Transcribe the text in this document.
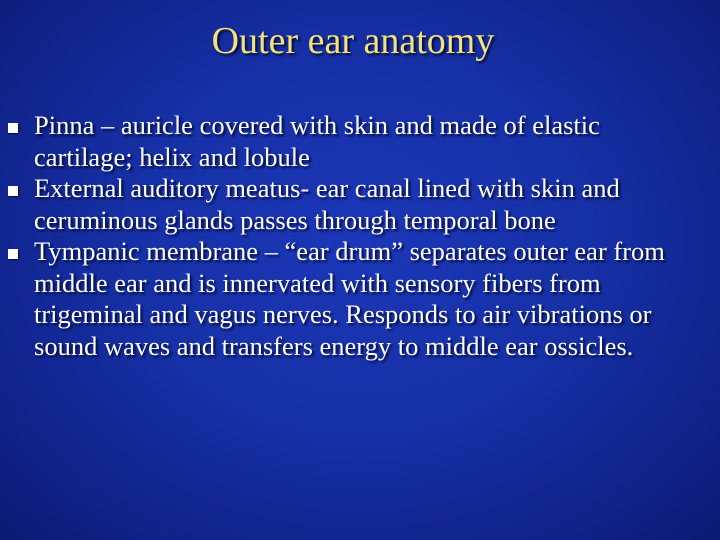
Outer ear anatomy
Pinna – auricle covered with skin and made of elastic cartilage; helix and lobule
External auditory meatus- ear canal lined with skin and ceruminous glands passes through temporal bone
Tympanic membrane – “ear drum” separates outer ear from middle ear and is innervated with sensory fibers from trigeminal and vagus nerves. Responds to air vibrations or sound waves and transfers energy to middle ear ossicles.
